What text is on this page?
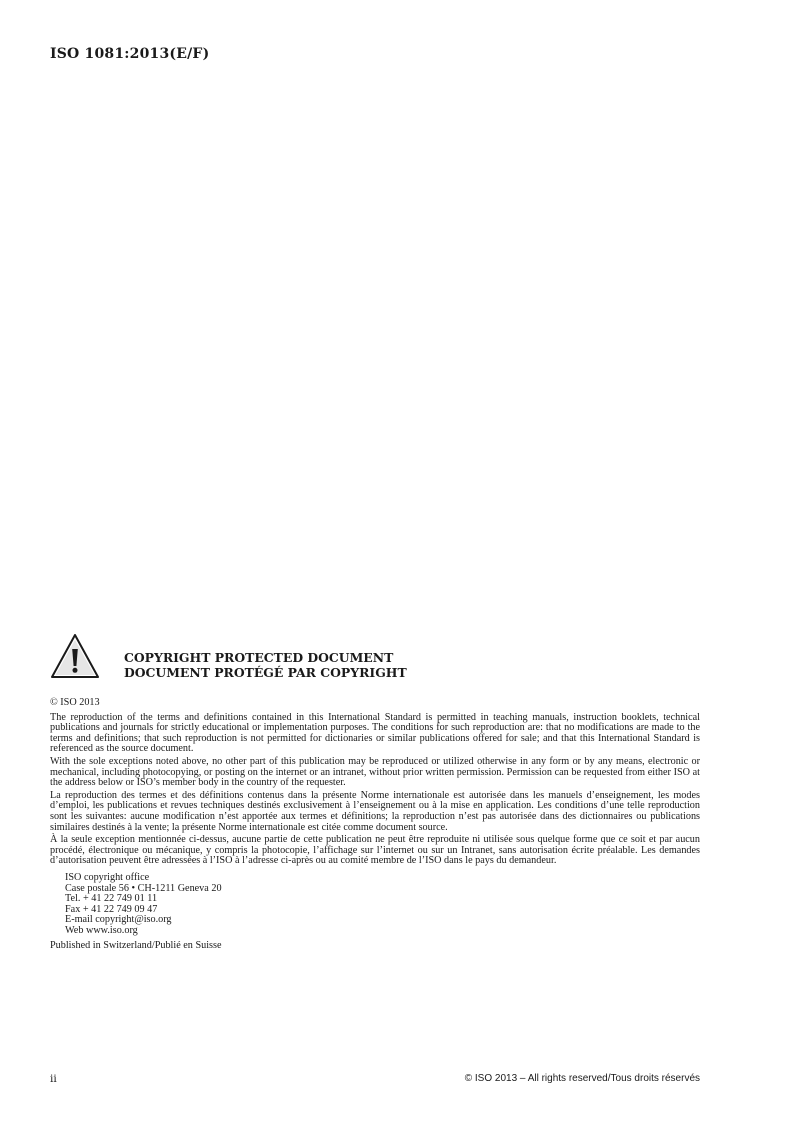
ISO 1081:2013(E/F)
COPYRIGHT PROTECTED DOCUMENT
DOCUMENT PROTÉGÉ PAR COPYRIGHT

© ISO 2013

The reproduction of the terms and definitions contained in this International Standard is permitted in teaching manuals, instruction booklets, technical publications and journals for strictly educational or implementation purposes. The conditions for such reproduction are: that no modifications are made to the terms and definitions; that such reproduction is not permitted for dictionaries or similar publications offered for sale; and that this International Standard is referenced as the source document.

With the sole exceptions noted above, no other part of this publication may be reproduced or utilized otherwise in any form or by any means, electronic or mechanical, including photocopying, or posting on the internet or an intranet, without prior written permission. Permission can be requested from either ISO at the address below or ISO’s member body in the country of the requester.

La reproduction des termes et des définitions contenus dans la présente Norme internationale est autorisée dans les manuels d’enseignement, les modes d’emploi, les publications et revues techniques destinés exclusivement à l’enseignement ou à la mise en application. Les conditions d’une telle reproduction sont les suivantes: aucune modification n’est apportée aux termes et définitions; la reproduction n’est pas autorisée dans des dictionnaires ou publications similaires destinés à la vente; la présente Norme internationale est citée comme document source.

À la seule exception mentionnée ci-dessus, aucune partie de cette publication ne peut être reproduite ni utilisée sous quelque forme que ce soit et par aucun procédé, électronique ou mécanique, y compris la photocopie, l’affichage sur l’internet ou sur un Intranet, sans autorisation écrite préalable. Les demandes d’autorisation peuvent être adressées à l’ISO à l’adresse ci-après ou au comité membre de l’ISO dans le pays du demandeur.

ISO copyright office
Case postale 56 • CH-1211 Geneva 20
Tel. + 41 22 749 01 11
Fax + 41 22 749 09 47
E-mail copyright@iso.org
Web www.iso.org
Published in Switzerland/Publié en Suisse
ii	© ISO 2013 – All rights reserved/Tous droits réservés
